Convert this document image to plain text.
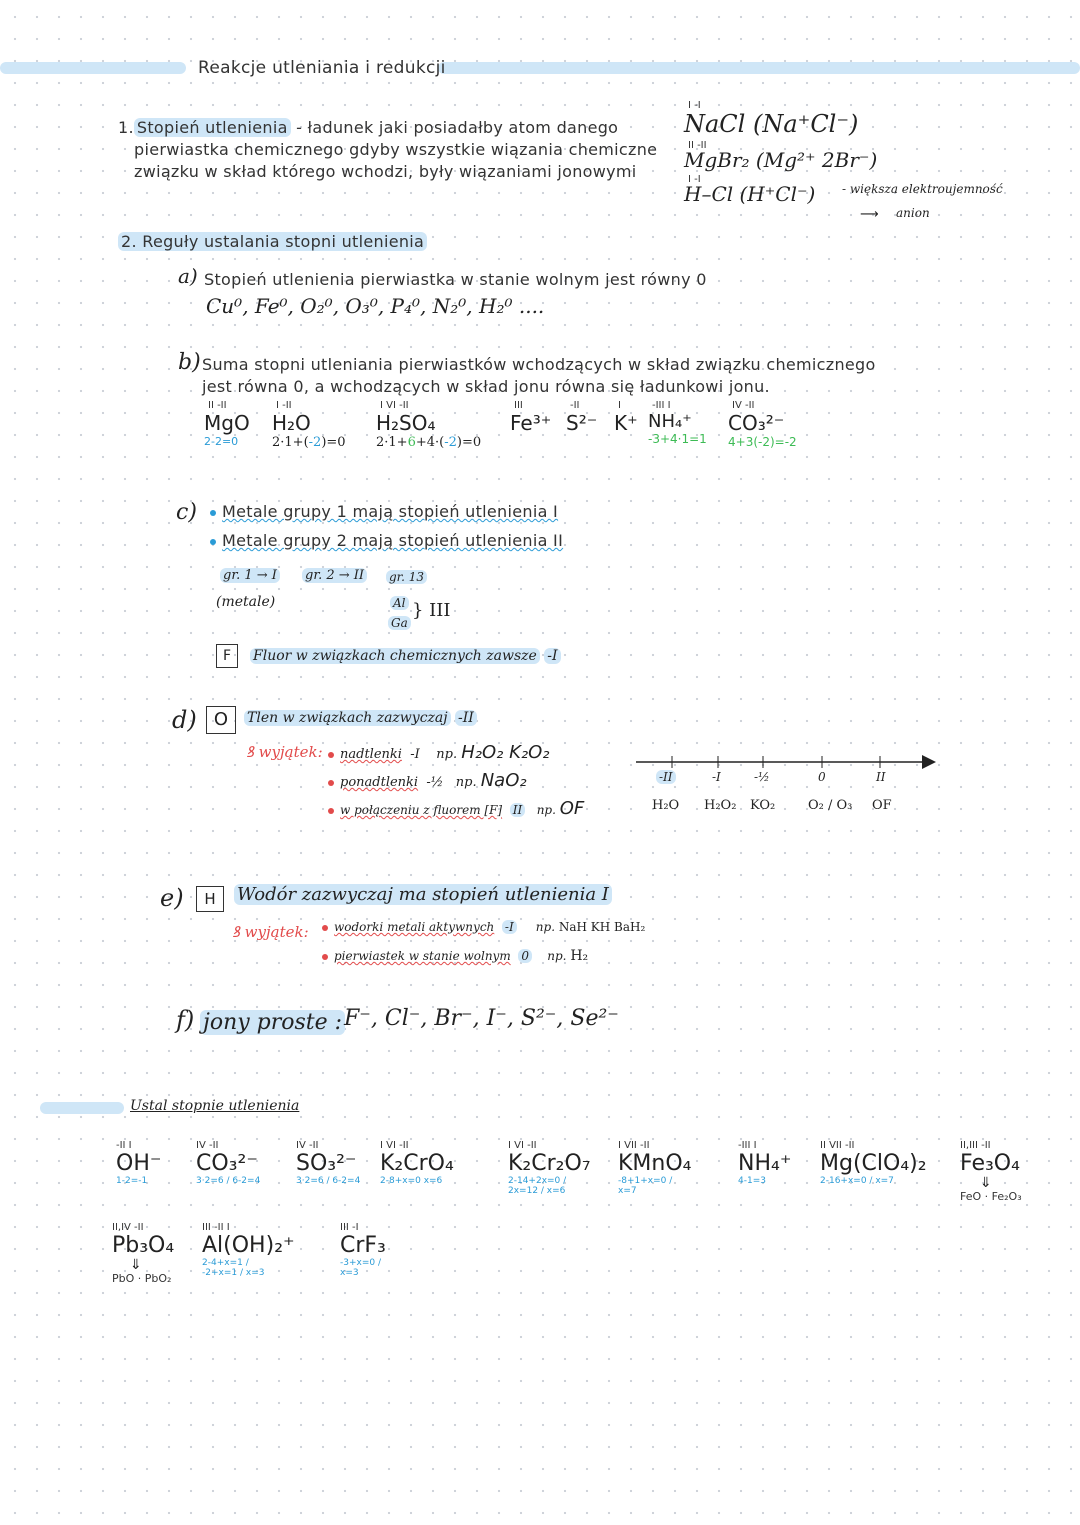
Reakcje utleniania i redukcji
1. Stopień utlenienia - ładunek jaki posiadałby atom danego
pierwiastka chemicznego gdyby wszystkie wiązania chemiczne
związku w skład którego wchodzi, były wiązaniami jonowymi
I -I
NaCl (Na⁺Cl⁻)
II -II
MgBr₂ (Mg²⁺ 2Br⁻)
I -I
H–Cl (H⁺Cl⁻) - większa elektroujemność
⟶ anion
2. Reguły ustalania stopni utlenienia
a) Stopień utlenienia pierwiastka w stanie wolnym jest równy 0
Cu⁰, Fe⁰, O₂⁰, O₃⁰, P₄⁰, N₂⁰, H₂⁰ ....
b) Suma stopni utleniania pierwiastków wchodzących w skład związku chemicznego
jest równa 0, a wchodzących w skład jonu równa się ładunkowi jonu.
II -II
MgO
2-2=0
I -II
H₂O
2·1+(-2)=0
I VI -II
H₂SO₄
2·1+6+4·(-2)=0
III
Fe³⁺
-II
S²⁻
I
K⁺
-III I
NH₄⁺
-3+4·1=1
IV -II
CO₃²⁻
4+3(-2)=-2
c)	Metale grupy 1 mają stopień utlenienia I
Metale grupy 2 mają stopień utlenienia II
gr. 1 → I gr. 2 → II gr. 13
(metale)	Al
Ga
} III
F	Fluor w związkach chemicznych zawsze -I
d) O	Tlen w związkach zazwyczaj -II
ꝸ wyjątek:	nadtlenki -I np. H₂O₂ K₂O₂
ponadtlenki -½ np. NaO₂
w połączeniu z fluorem [F] II np. OF
-II	-I	-½	0	II
H₂O H₂O₂ KO₂	O₂ / O₃ OF
e)	H	Wodór zazwyczaj ma stopień utlenienia I
ꝸ wyjątek:	wodorki metali aktywnych -I np. NaH KH BaH₂
pierwiastek w stanie wolnym 0 np. H₂
f) jony proste : F⁻, Cl⁻, Br⁻, I⁻, S²⁻, Se²⁻
Ustal stopnie utlenienia
-II I
OH⁻
1-2=-1
IV -II
CO₃²⁻
3·2=6 / 6-2=4
IV -II
SO₃²⁻
3·2=6 / 6-2=4
I VI -II
K₂CrO₄
2-8+x=0 x=6
I VI -II
K₂Cr₂O₇
2-14+2x=0 / 2x=12 / x=6
I VII -II
KMnO₄
-8+1+x=0 / x=7
-III I
NH₄⁺
4-1=3
II VII -II
Mg(ClO₄)₂
2-16+x=0 / x=7
II,III -II
Fe₃O₄
⇓
FeO · Fe₂O₃
II,IV -II
Pb₃O₄
⇓
PbO · PbO₂
III -II I
Al(OH)₂⁺
2-4+x=1 / -2+x=1 / x=3
III -I
CrF₃
-3+x=0 / x=3
